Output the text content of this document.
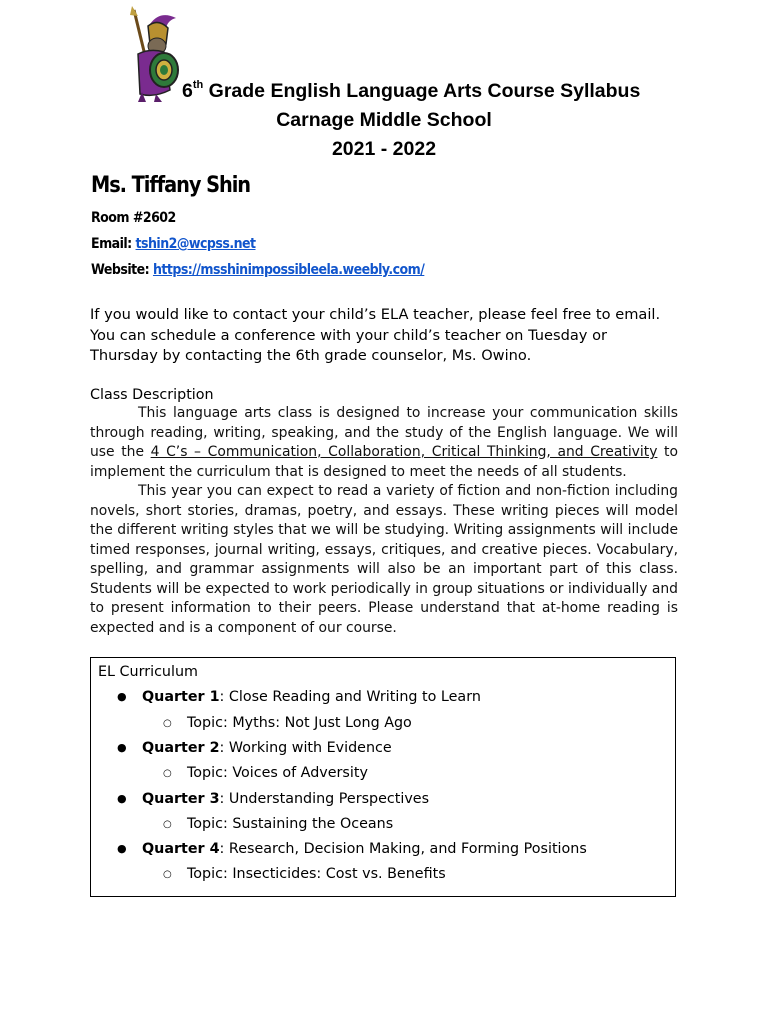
6th Grade English Language Arts Course Syllabus
Carnage Middle School
2021 - 2022
Ms. Tiffany Shin
Room #2602
Email: tshin2@wcpss.net
Website: https://msshinimpossibleela.weebly.com/
If you would like to contact your child’s ELA teacher, please feel free to email. You can schedule a conference with your child’s teacher on Tuesday or Thursday by contacting the 6th grade counselor, Ms. Owino.
Class Description

This language arts class is designed to increase your communication skills through reading, writing, speaking, and the study of the English language. We will use the 4 C’s – Communication, Collaboration, Critical Thinking, and Creativity to implement the curriculum that is designed to meet the needs of all students.

This year you can expect to read a variety of fiction and non-fiction including novels, short stories, dramas, poetry, and essays. These writing pieces will model the different writing styles that we will be studying. Writing assignments will include timed responses, journal writing, essays, critiques, and creative pieces. Vocabulary, spelling, and grammar assignments will also be an important part of this class. Students will be expected to work periodically in group situations or individually and to present information to their peers. Please understand that at-home reading is expected and is a component of our course.

EL Curriculum
● Quarter 1: Close Reading and Writing to Learn
○ Topic: Myths: Not Just Long Ago
● Quarter 2: Working with Evidence
○ Topic: Voices of Adversity
● Quarter 3: Understanding Perspectives
○ Topic: Sustaining the Oceans
● Quarter 4: Research, Decision Making, and Forming Positions
○ Topic: Insecticides: Cost vs. Benefits
